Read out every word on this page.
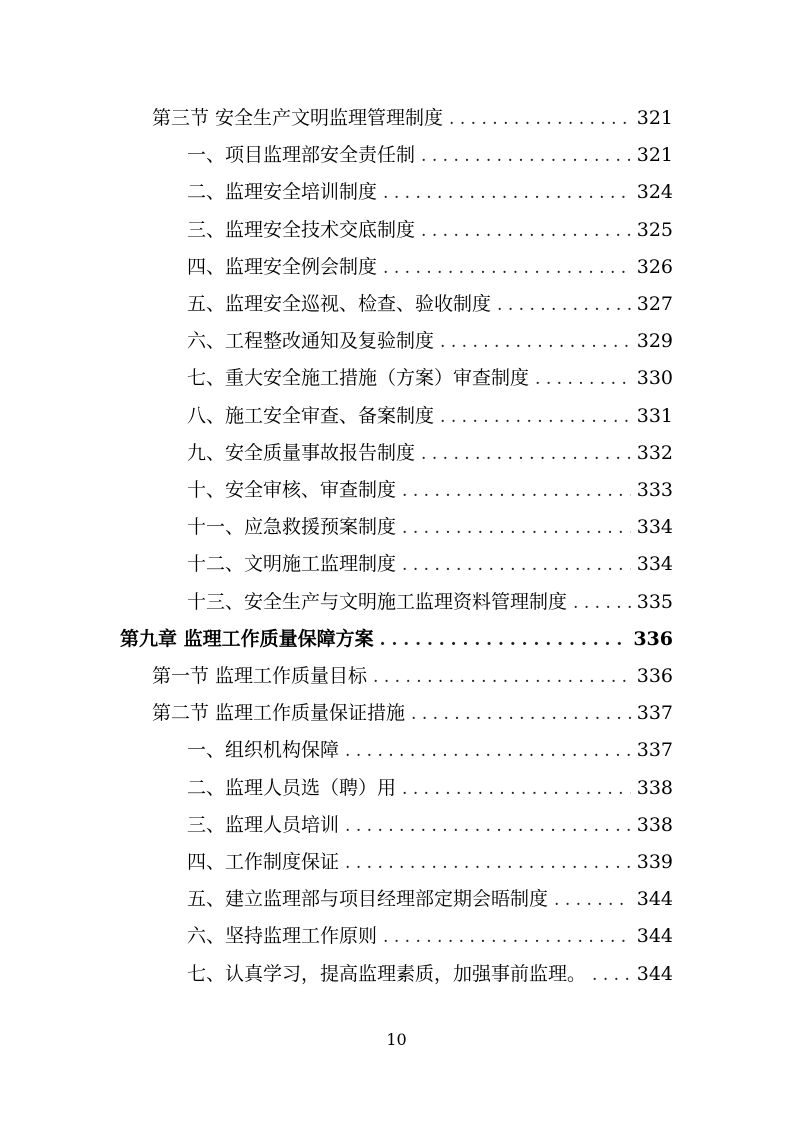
第三节 安全生产文明监理管理制度 . . .	321
一、项目监理部安全责任制 . . .	321
二、监理安全培训制度 . . .	324
三、监理安全技术交底制度 . . .	325
四、监理安全例会制度 . . .	326
五、监理安全巡视、检查、验收制度 . . .	327
六、工程整改通知及复验制度 . . .	329
七、重大安全施工措施（方案）审查制度 . . .	330
八、施工安全审查、备案制度 . . .	331
九、安全质量事故报告制度 . . .	332
十、安全审核、审查制度 . . .	333
十一、应急救援预案制度 . . .	334
十二、文明施工监理制度 . . .	334
十三、安全生产与文明施工监理资料管理制度 . . .	335
第九章 监理工作质量保障方案 . . .	336
第一节 监理工作质量目标 . . .	336
第二节 监理工作质量保证措施 . . .	337
一、组织机构保障 . . .	337
二、监理人员选（聘）用 . . .	338
三、监理人员培训 . . .	338
四、工作制度保证 . . .	339
五、建立监理部与项目经理部定期会晤制度 . . .	344
六、坚持监理工作原则 . . .	344
七、认真学习，提高监理素质，加强事前监理。 . . .	344
10
